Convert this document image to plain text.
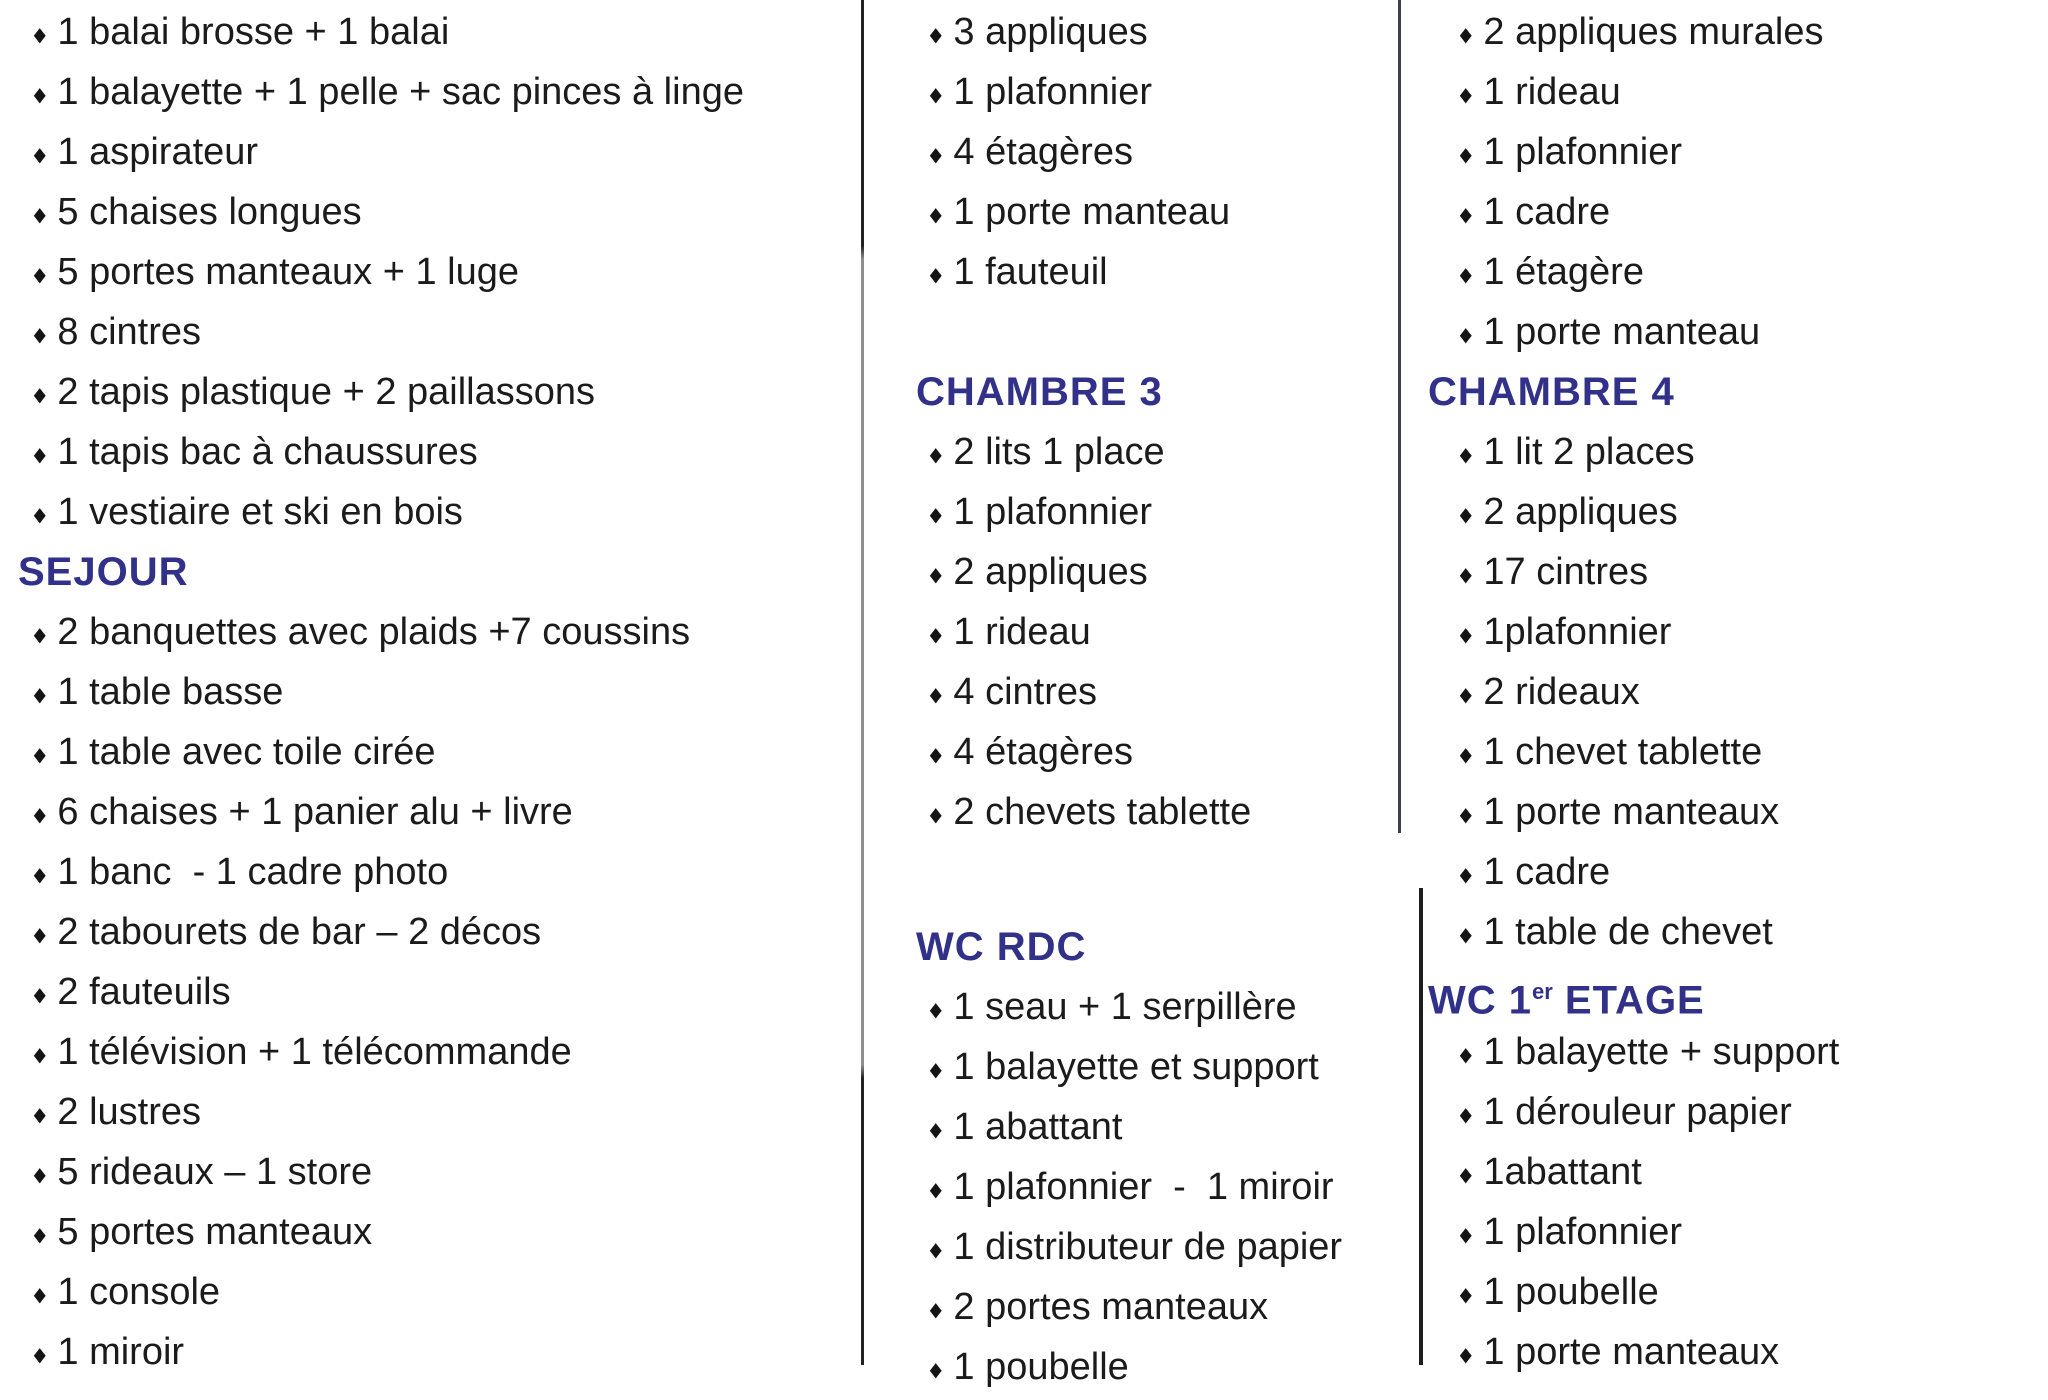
◆ 1 balai brosse + 1 balai
◆ 1 balayette + 1 pelle + sac pinces à linge
◆ 1 aspirateur
◆ 5 chaises longues
◆ 5 portes manteaux + 1 luge
◆ 8 cintres
◆ 2 tapis plastique + 2 paillassons
◆ 1 tapis bac à chaussures
◆ 1 vestiaire et ski en bois
SEJOUR
◆ 2 banquettes avec plaids +7 coussins
◆ 1 table basse
◆ 1 table avec toile cirée
◆ 6 chaises + 1 panier alu + livre
◆ 1 banc  - 1 cadre photo
◆ 2 tabourets de bar – 2 décos
◆ 2 fauteuils
◆ 1 télévision + 1 télécommande
◆ 2 lustres
◆ 5 rideaux – 1 store
◆ 5 portes manteaux
◆ 1 console
◆ 1 miroir
◆ 3 appliques
◆ 1 plafonnier
◆ 4 étagères
◆ 1 porte manteau
◆ 1 fauteuil
CHAMBRE 3
◆ 2 lits 1 place
◆ 1 plafonnier
◆ 2 appliques
◆ 1 rideau
◆ 4 cintres
◆ 4 étagères
◆ 2 chevets tablette
WC RDC
◆ 1 seau + 1 serpillère
◆ 1 balayette et support
◆ 1 abattant
◆ 1 plafonnier  -  1 miroir
◆ 1 distributeur de papier
◆ 2 portes manteaux
◆ 1 poubelle
◆ 2 appliques murales
◆ 1 rideau
◆ 1 plafonnier
◆ 1 cadre
◆ 1 étagère
◆ 1 porte manteau
CHAMBRE 4
◆ 1 lit 2 places
◆ 2 appliques
◆ 17 cintres
◆ 1plafonnier
◆ 2 rideaux
◆ 1 chevet tablette
◆ 1 porte manteaux
◆ 1 cadre
◆ 1 table de chevet
WC 1er ETAGE
◆ 1 balayette + support
◆ 1 dérouleur papier
◆ 1abattant
◆ 1 plafonnier
◆ 1 poubelle
◆ 1 porte manteaux
